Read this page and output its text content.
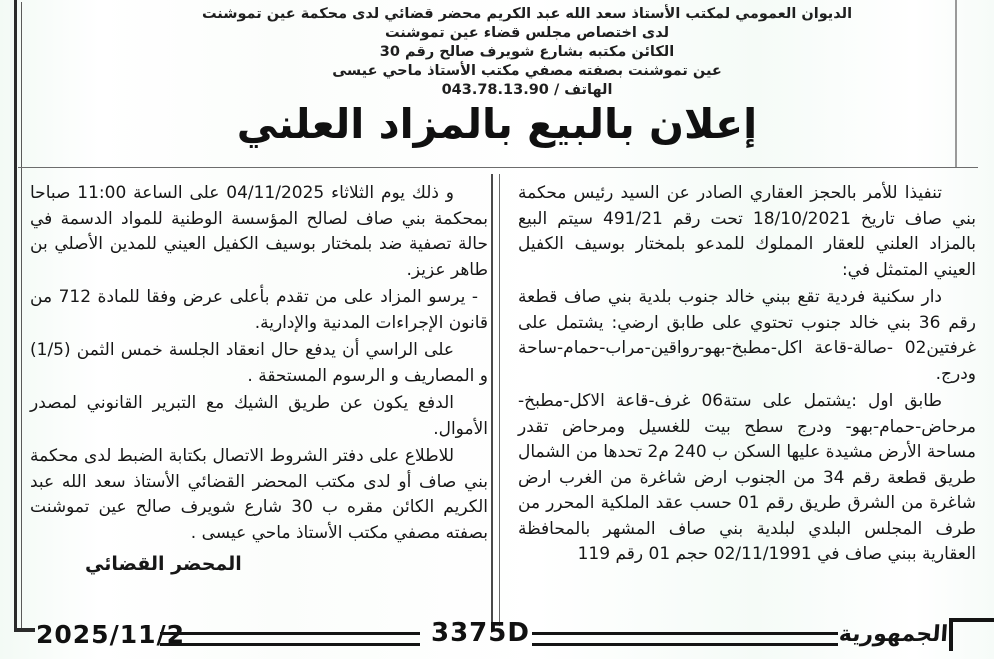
الديوان العمومي لمكتب الأستاذ سعد الله عبد الكريم محضر قضائي لدى محكمة عين تموشنت
لدى اختصاص مجلس قضاء عين تموشنت
الكائن مكتبه بشارع شويرف صالح رقم 30
عين تموشنت بصفته مصفي مكتب الأستاذ ماحي عيسى
الهاتف / 043.78.13.90
إعلان بالبيع بالمزاد العلني

تنفيذا للأمر بالحجز العقاري الصادر عن السيد رئيس محكمة بني صاف تاريخ 18/10/2021 تحت رقم 491/21 سيتم البيع بالمزاد العلني للعقار المملوك للمدعو بلمختار بوسيف الكفيل العيني المتمثل في:

دار سكنية فردية تقع ببني خالد جنوب بلدية بني صاف قطعة رقم 36 بني خالد جنوب تحتوي على طابق ارضي: يشتمل على غرفتين02 -صالة-قاعة اكل-مطبخ-بهو-رواقين-مراب-حمام-ساحة ودرج.

طابق اول :يشتمل على ستة06 غرف-قاعة الاكل-مطبخ-مرحاض-حمام-بهو- ودرج سطح بيت للغسيل ومرحاض تقدر مساحة الأرض مشيدة عليها السكن ب 240 م2 تحدها من الشمال طريق قطعة رقم 34 من الجنوب ارض شاغرة من الغرب ارض شاغرة من الشرق طريق رقم 01 حسب عقد الملكية المحرر من طرف المجلس البلدي لبلدية بني صاف المشهر بالمحافظة العقارية ببني صاف في 02/11/1991 حجم 01 رقم 119

و ذلك يوم الثلاثاء 04/11/2025 على الساعة 11:00 صباحا بمحكمة بني صاف لصالح المؤسسة الوطنية للمواد الدسمة في حالة تصفية ضد بلمختار بوسيف الكفيل العيني للمدين الأصلي بن طاهر عزيز.

- يرسو المزاد على من تقدم بأعلى عرض وفقا للمادة 712 من قانون الإجراءات المدنية والإدارية.

على الراسي أن يدفع حال انعقاد الجلسة خمس الثمن (1/5) و المصاريف و الرسوم المستحقة .

الدفع يكون عن طريق الشيك مع التبرير القانوني لمصدر الأموال.

للاطلاع على دفتر الشروط الاتصال بكتابة الضبط لدى محكمة بني صاف أو لدى مكتب المحضر القضائي الأستاذ سعد الله عبد الكريم الكائن مقره ب 30 شارع شويرف صالح عين تموشنت بصفته مصفي مكتب الأستاذ ماحي عيسى .

المحضر القضائي

2025/11/2	3375D	الجمهورية
